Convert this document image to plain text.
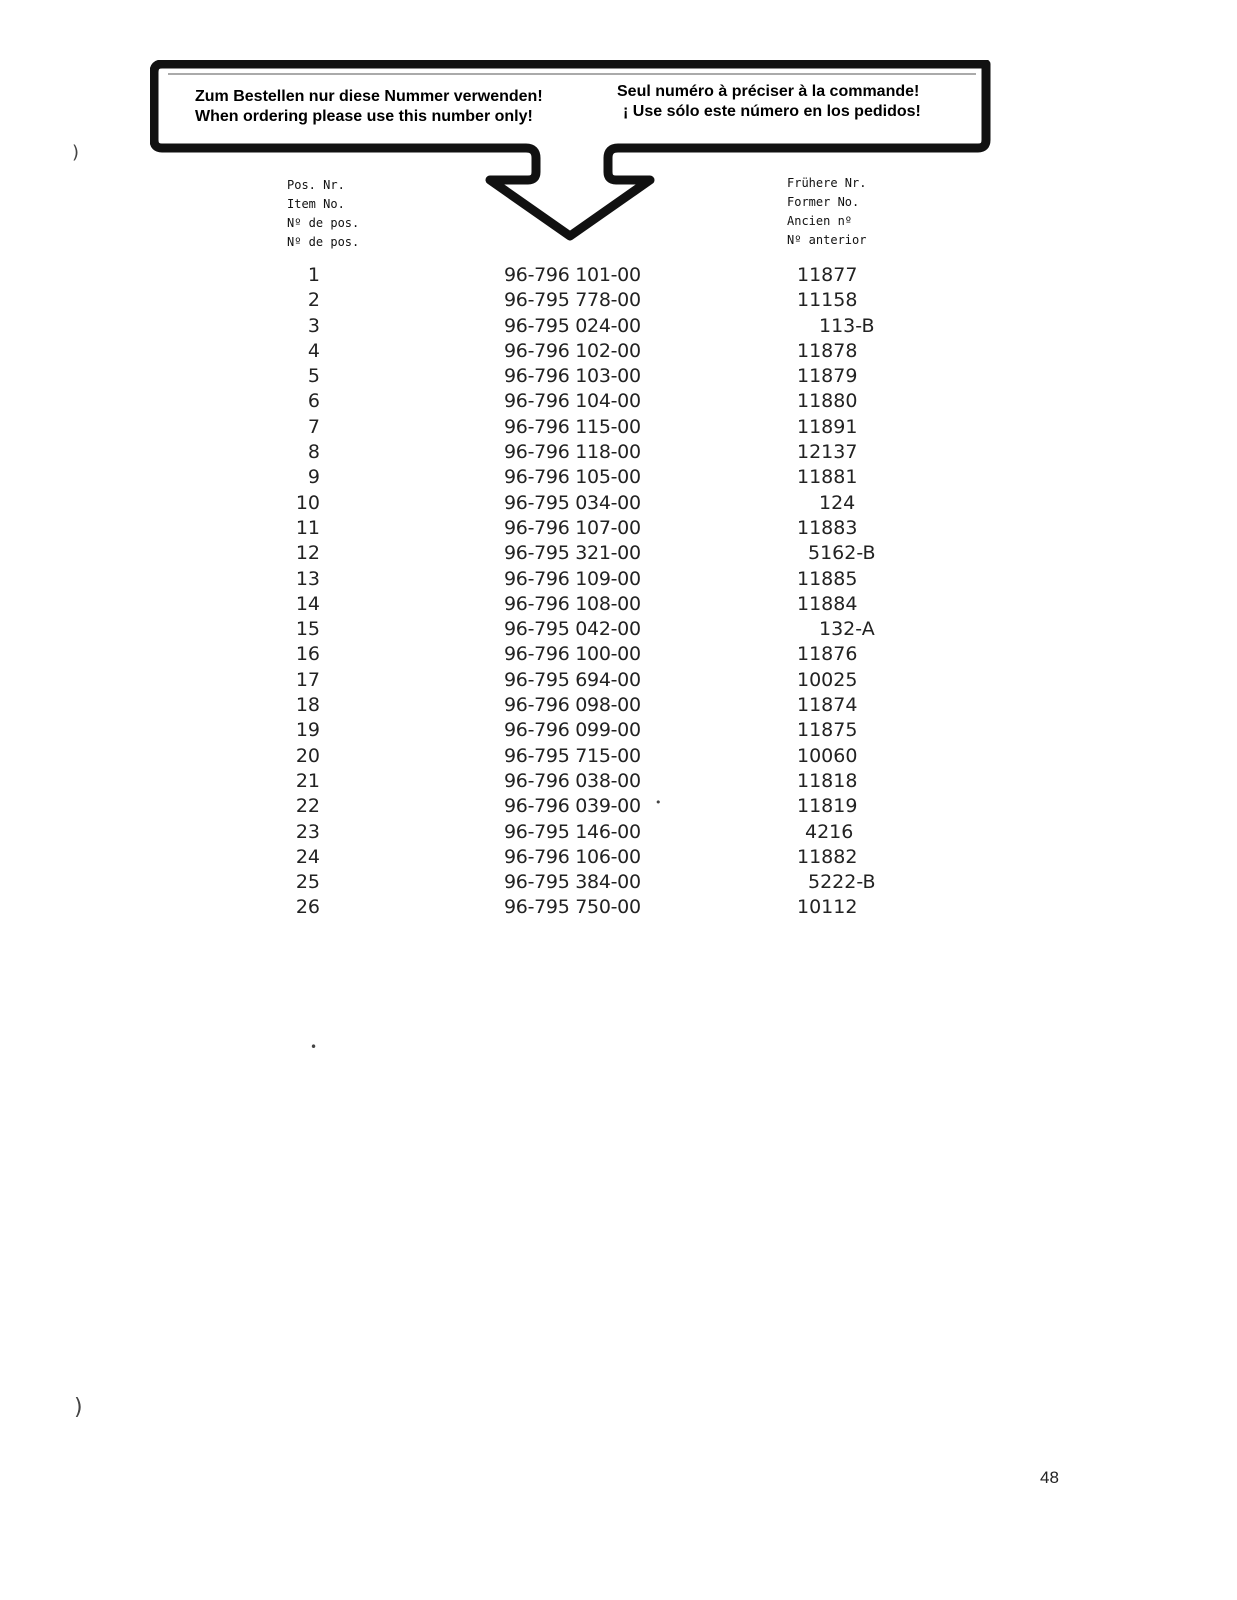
Zum Bestellen nur diese Nummer verwenden!
When ordering please use this number only!
Seul numéro à préciser à la commande!
¡ Use sólo este número en los pedidos!
Pos. Nr.
Item No.
Nº de pos.
Nº de pos.
Frühere Nr.
Former No.
Ancien nº
Nº anterior
1	96-796 101-00	11877
2	96-795 778-00	11158
3	96-795 024-00	113-B
4	96-796 102-00	11878
5	96-796 103-00	11879
6	96-796 104-00	11880
7	96-796 115-00	11891
8	96-796 118-00	12137
9	96-796 105-00	11881
10	96-795 034-00	124
11	96-796 107-00	11883
12	96-795 321-00	5162-B
13	96-796 109-00	11885
14	96-796 108-00	11884
15	96-795 042-00	132-A
16	96-796 100-00	11876
17	96-795 694-00	10025
18	96-796 098-00	11874
19	96-796 099-00	11875
20	96-795 715-00	10060
21	96-796 038-00	11818
22	96-796 039-00	11819
23	96-795 146-00	4216
24	96-796 106-00	11882
25	96-795 384-00	5222-B
26	96-795 750-00	10112
)
)
•
•
48
